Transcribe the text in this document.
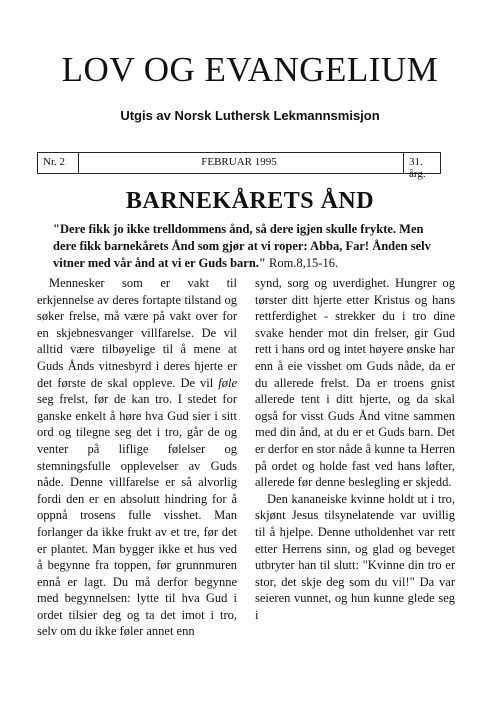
LOV OG EVANGELIUM
Utgis av Norsk Luthersk Lekmannsmisjon
Nr. 2	FEBRUAR 1995	31. årg.
BARNEKÅRETS ÅND
"Dere fikk jo ikke trelldommens ånd, så dere igjen skulle frykte. Men dere fikk barnekårets Ånd som gjør at vi roper: Abba, Far! Ånden selv vitner med vår ånd at vi er Guds barn." Rom.8,15-16.

Mennesker som er vakt til erkjennelse av deres fortapte tilstand og søker frelse, må være på vakt over for en skjebnesvanger villfarelse. De vil alltid være tilbøyelige til å mene at Guds Ånds vitnesbyrd i deres hjerte er det første de skal oppleve. De vil føle seg frelst, før de kan tro. I stedet for ganske enkelt å høre hva Gud sier i sitt ord og tilegne seg det i tro, går de og venter på liflige følelser og stemningsfulle opplevelser av Guds nåde. Denne villfarelse er så alvorlig fordi den er en absolutt hindring for å oppnå trosens fulle visshet. Man forlanger da ikke frukt av et tre, før det er plantet. Man bygger ikke et hus ved å begynne fra toppen, før grunnmuren ennå er lagt. Du må derfor begynne med begynnelsen: lytte til hva Gud i ordet tilsier deg og ta det imot i tro, selv om du ikke føler annet enn

synd, sorg og uverdighet. Hungrer og tørster ditt hjerte etter Kristus og hans rettferdighet - strekker du i tro dine svake hender mot din frelser, gir Gud rett i hans ord og intet høyere ønske har enn å eie visshet om Guds nåde, da er du allerede frelst. Da er troens gnist allerede tent i ditt hjerte, og da skal også for visst Guds Ånd vitne sammen med din ånd, at du er et Guds barn. Det er derfor en stor nåde å kunne ta Herren på ordet og holde fast ved hans løfter, allerede før denne beslegling er skjedd.

Den kananeiske kvinne holdt ut i tro, skjønt Jesus tilsynelatende var uvillig til å hjelpe. Denne utholdenhet var rett etter Herrens sinn, og glad og beveget utbryter han til slutt: "Kvinne din tro er stor, det skje deg som du vil!" Da var seieren vunnet, og hun kunne glede seg i
